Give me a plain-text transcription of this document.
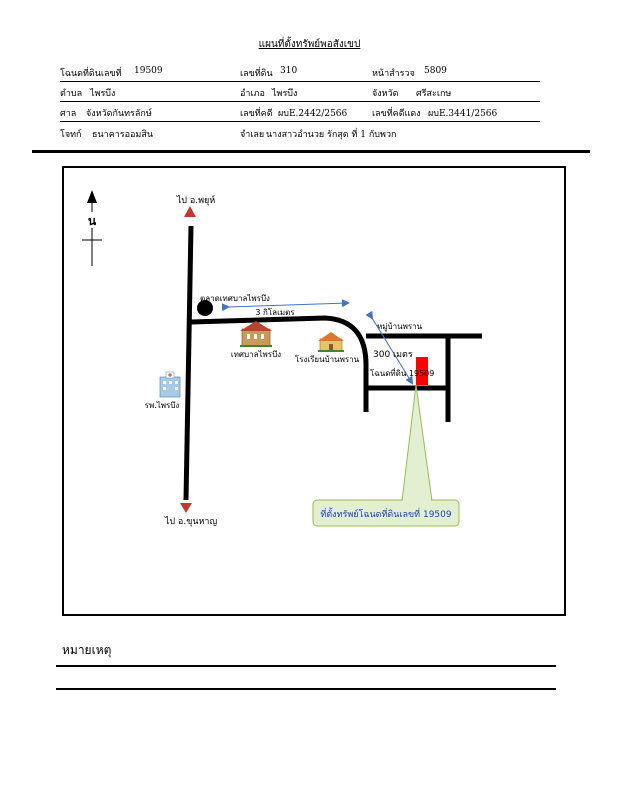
แผนที่ตั้งทรัพย์พอสังเขป
โฉนดที่ดินเลขที่ 19509	เลขที่ดิน 310	หน้าสำรวจ 5809
ตำบล ไพรบึง	อำเภอ ไพรบึง	จังหวัด ศรีสะเกษ
ศาล จังหวัดกันทรลักษ์	เลขที่คดี ผบE.2442/2566	เลขที่คดีแดง ผบE.3441/2566
โจทก์ ธนาคารออมสิน	จำเลย นางสาวอำนวย รักสุด ที่ 1 กับพวก
น
ไป อ.พยุห์
ไป อ.ขุนหาญ
ตลาดเทศบาลไพรบึง
3 กิโลเมตร
เทศบาลไพรบึง
โรงเรียนบ้านพราน
หมู่บ้านพราน
300 เมตร
โฉนดที่ดิน 19509
รพ.ไพรบึง
ที่ตั้งทรัพย์โฉนดที่ดินเลขที่ 19509
หมายเหตุ
